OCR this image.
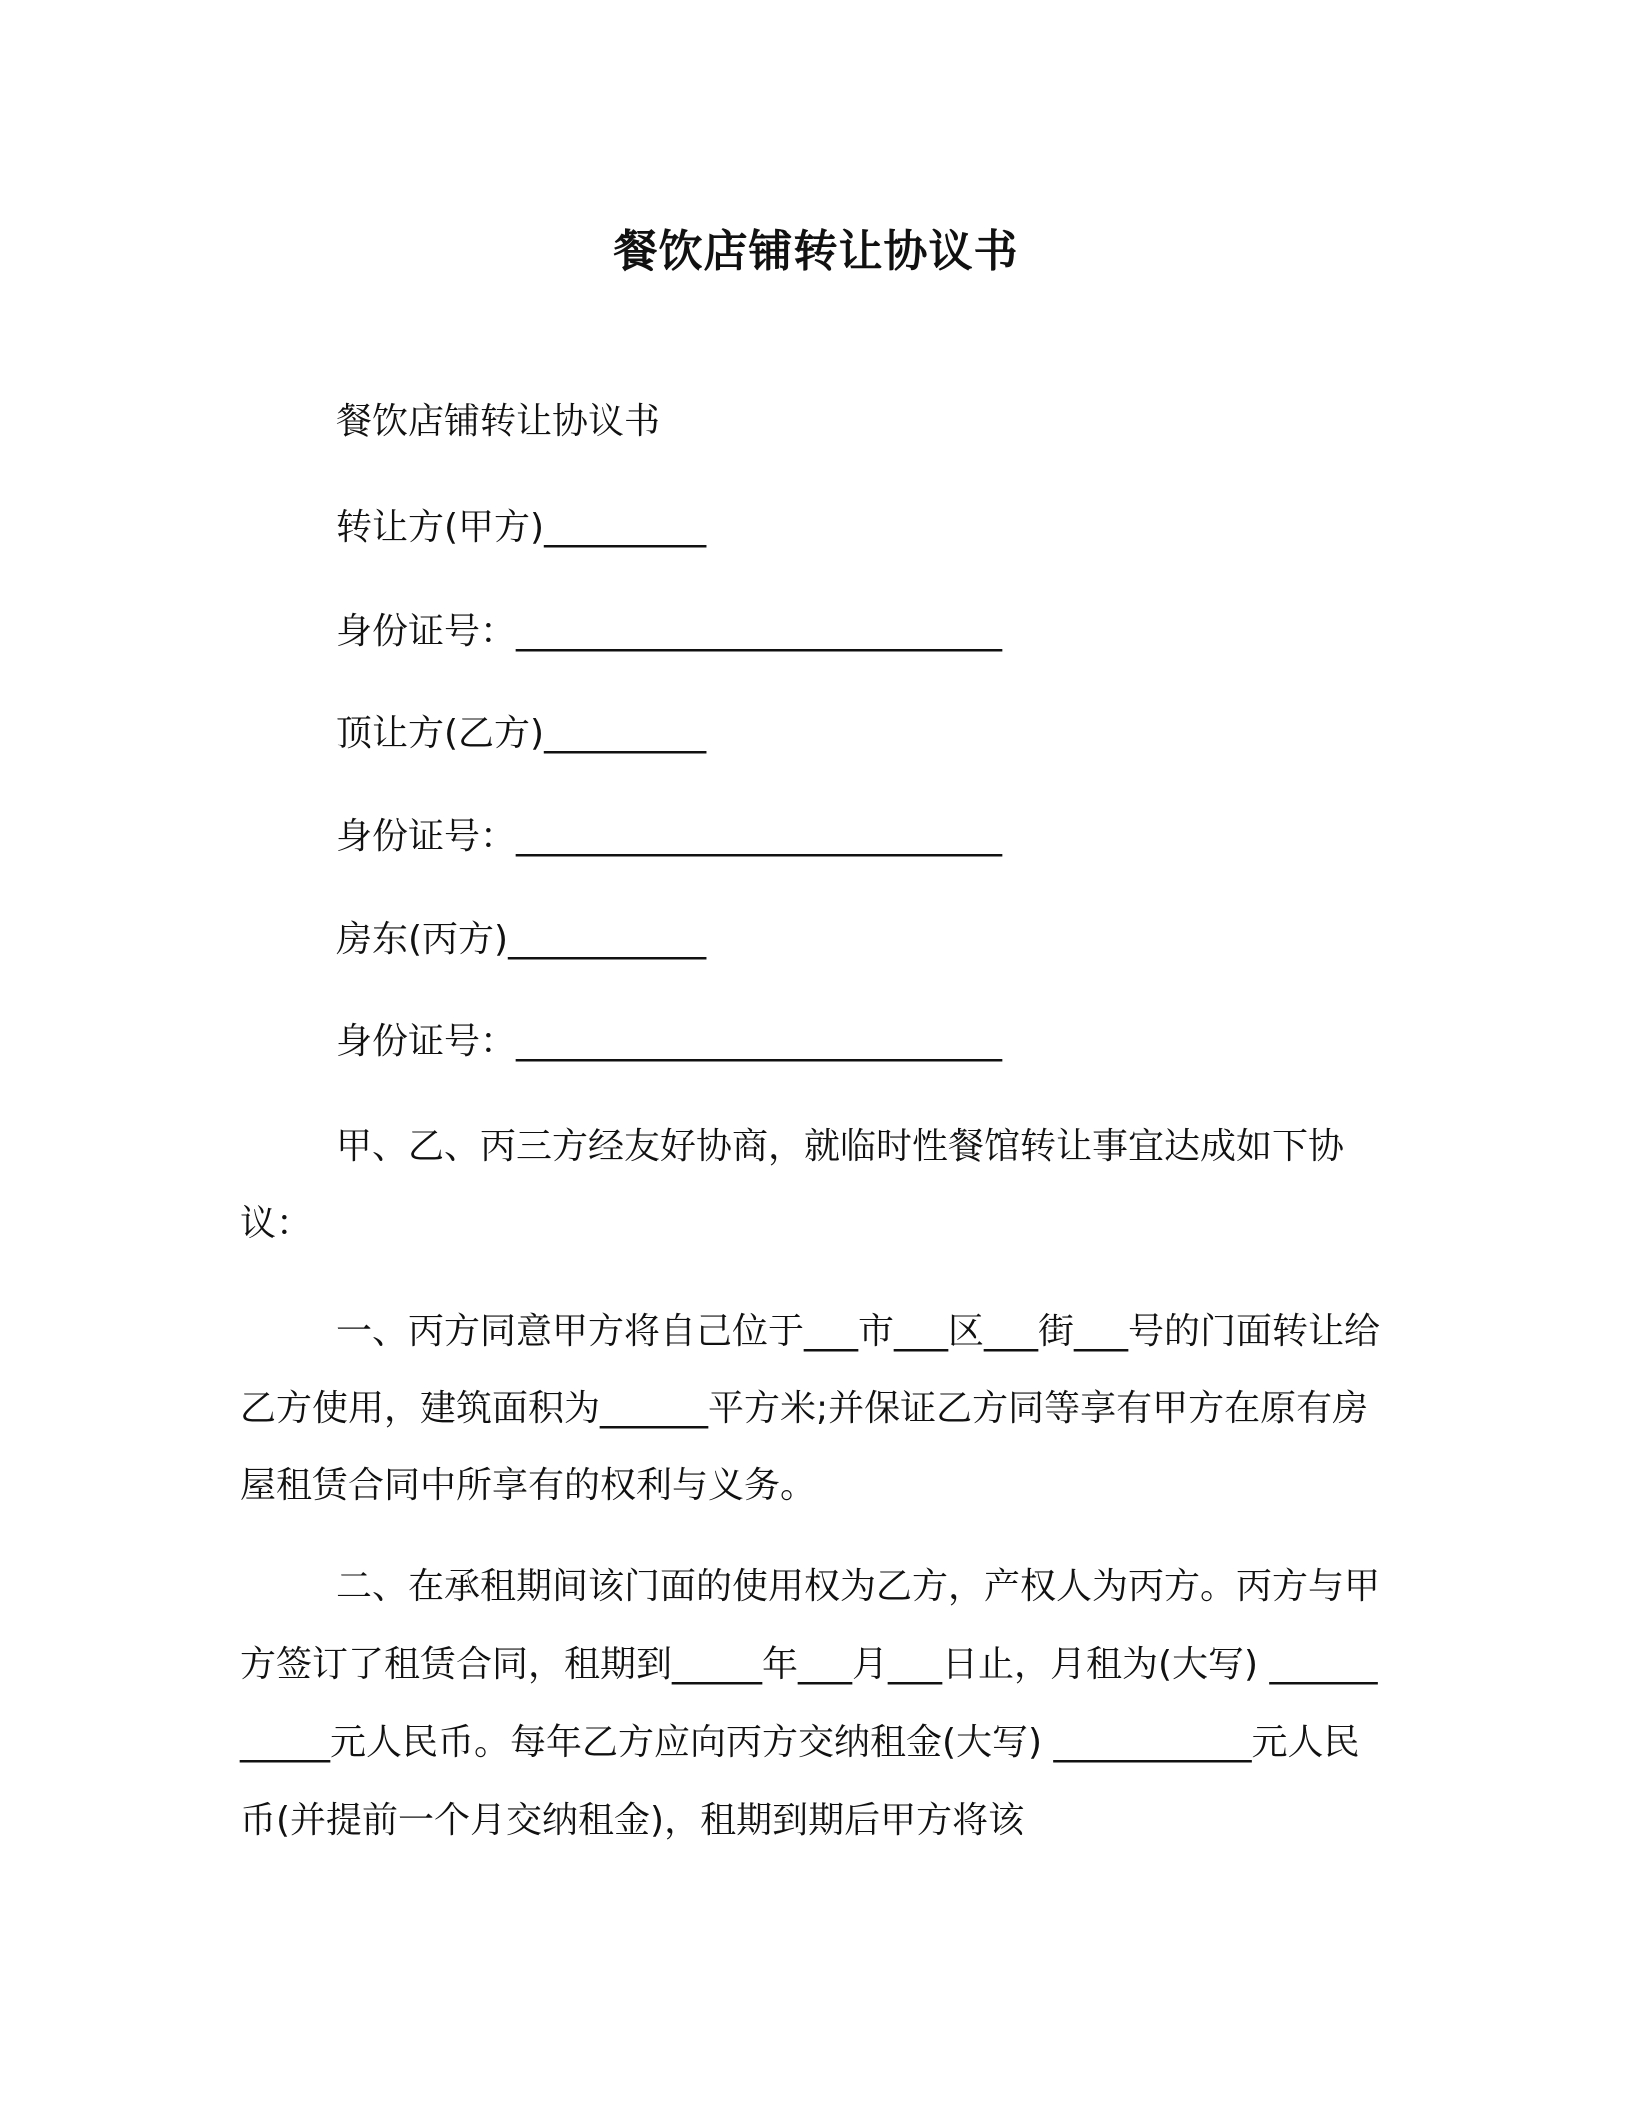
餐饮店铺转让协议书
餐饮店铺转让协议书
转让方(甲方)_________
身份证号：___________________________
顶让方(乙方)_________
身份证号：___________________________
房东(丙方)___________
身份证号：___________________________
甲、乙、丙三方经友好协商，就临时性餐馆转让事宜达成如下协议：
一、丙方同意甲方将自己位于___市___区___街___号的门面转让给乙方使用，建筑面积为______平方米;并保证乙方同等享有甲方在原有房屋租赁合同中所享有的权利与义务。
二、在承租期间该门面的使用权为乙方，产权人为丙方。丙方与甲方签订了租赁合同，租期到_____年___月___日止，月租为(大写) ___________元人民币。每年乙方应向丙方交纳租金(大写) ___________元人民币(并提前一个月交纳租金)，租期到期后甲方将该
